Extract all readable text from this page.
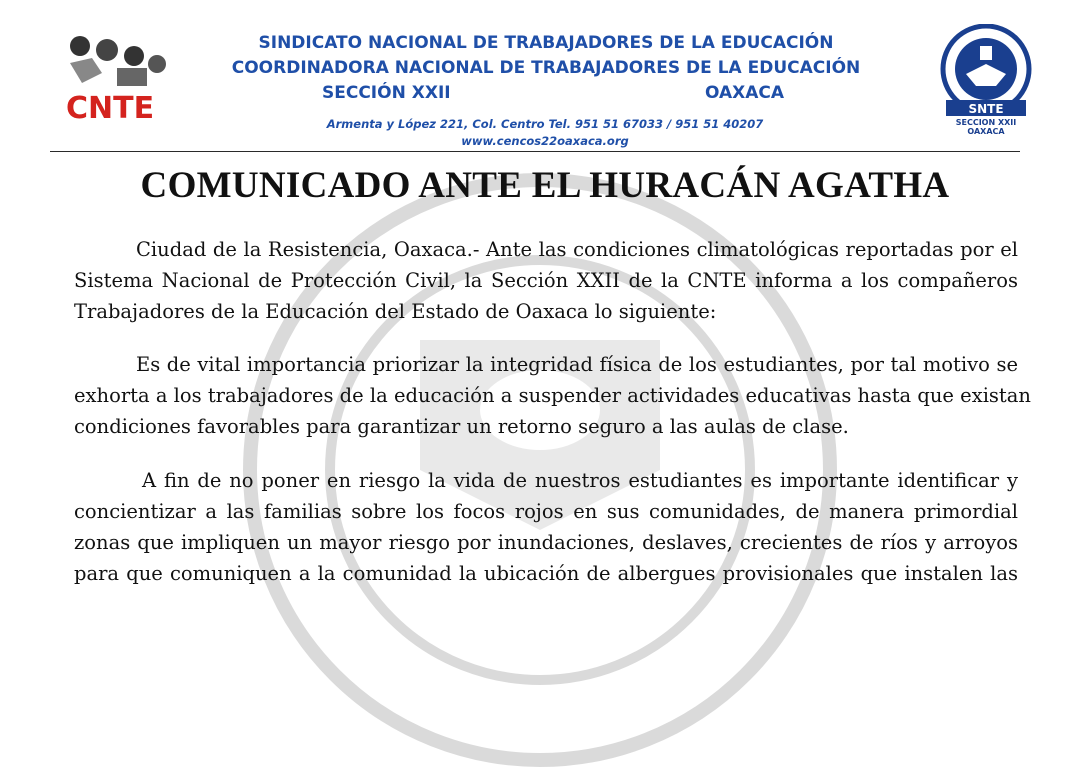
CNTE	SNTE
SECCION XXII
OAXACA
SINDICATO NACIONAL DE TRABAJADORES DE LA EDUCACIÓN
COORDINADORA NACIONAL DE TRABAJADORES DE LA EDUCACIÓN
SECCIÓN XXII	OAXACA
Armenta y López 221, Col. Centro Tel. 951 51 67033 / 951 51 40207
www.cencos22oaxaca.org
COMUNICADO ANTE EL HURACÁN AGATHA
Ciudad de la Resistencia, Oaxaca.- Ante las condiciones climatológicas reportadas por el
Sistema Nacional de Protección Civil, la Sección XXII de la CNTE informa a los compañeros
Trabajadores de la Educación del Estado de Oaxaca lo siguiente:
Es de vital importancia priorizar la integridad física de los estudiantes, por tal motivo se
exhorta a los trabajadores de la educación a suspender actividades educativas hasta que existan
condiciones favorables para garantizar un retorno seguro a las aulas de clase.
A fin de no poner en riesgo la vida de nuestros estudiantes es importante identificar y
concientizar a las familias sobre los focos rojos en sus comunidades, de manera primordial
zonas que impliquen un mayor riesgo por inundaciones, deslaves, crecientes de ríos y arroyos
para que comuniquen a la comunidad la ubicación de albergues provisionales que instalen las
